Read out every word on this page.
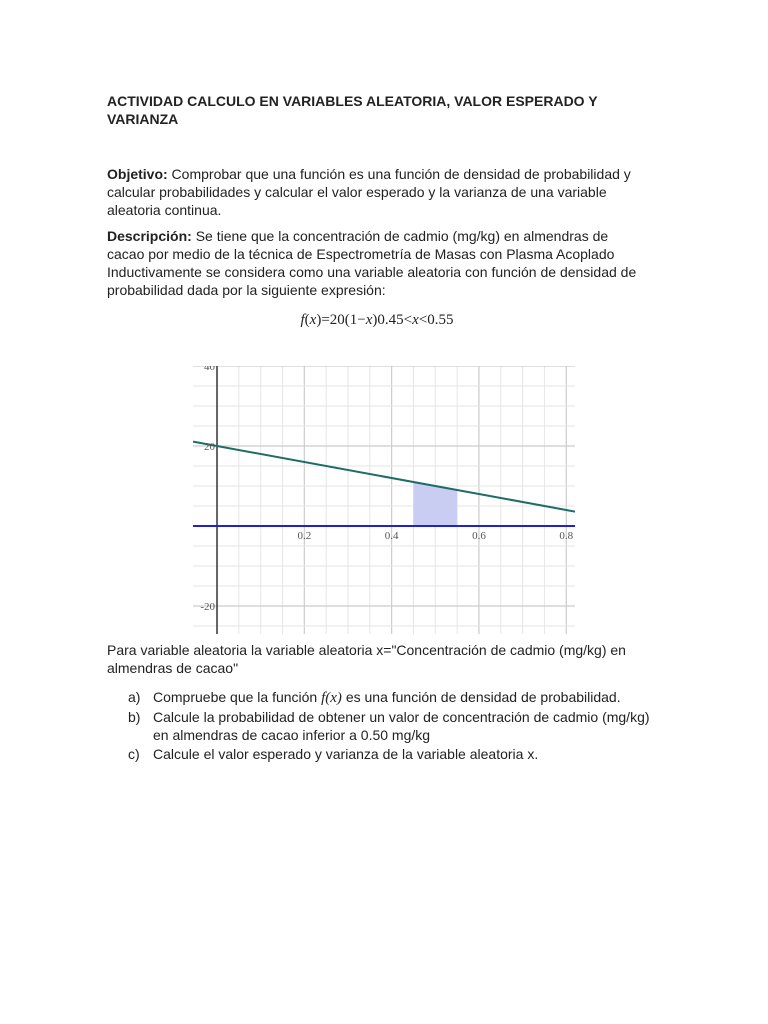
ACTIVIDAD CALCULO EN VARIABLES ALEATORIA, VALOR ESPERADO Y VARIANZA

Objetivo: Comprobar que una función es una función de densidad de probabilidad y calcular probabilidades y calcular el valor esperado y la varianza de una variable aleatoria continua.

Descripción: Se tiene que la concentración de cadmio (mg/kg) en almendras de cacao por medio de la técnica de Espectrometría de Masas con Plasma Acoplado Inductivamente se considera como una variable aleatoria con función de densidad de probabilidad dada por la siguiente expresión:

f(x)=20(1−x)0.45<x<0.55
0.2	0.4	0.6	0.8
-20
20
40

Para variable aleatoria la variable aleatoria x="Concentración de cadmio (mg/kg) en almendras de cacao"

a) Compruebe que la función f(x) es una función de densidad de probabilidad.
b) Calcule la probabilidad de obtener un valor de concentración de cadmio (mg/kg) en almendras de cacao inferior a 0.50 mg/kg
c) Calcule el valor esperado y varianza de la variable aleatoria x.
